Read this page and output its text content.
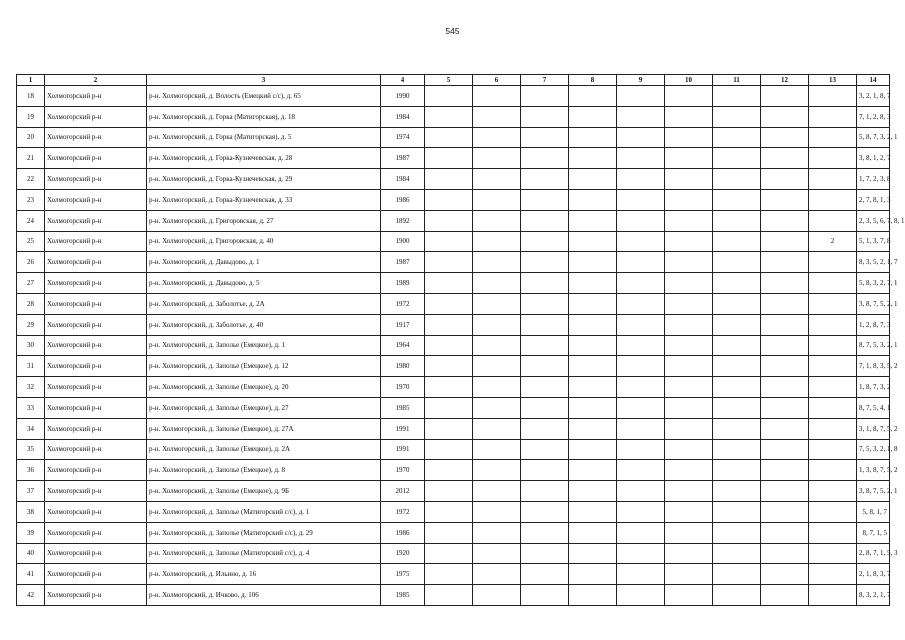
545
1	2	3	4	5	6	7	8	9	10	11	12	13	14
18	Холмогорский р-н	р-н. Холмогорский, д. Волость (Емецкий с/с), д. 65	1990										3, 2, 1, 8, 7
19	Холмогорский р-н	р-н. Холмогорский, д. Горка (Матигорская), д. 18	1984										7, 1, 2, 8, 3
20	Холмогорский р-н	р-н. Холмогорский, д. Горка (Матигорская), д. 5	1974										5, 8, 7, 3, 2, 1
21	Холмогорский р-н	р-н. Холмогорский, д. Горка-Кузнечевская, д. 28	1987										3, 8, 1, 2, 7
22	Холмогорский р-н	р-н. Холмогорский, д. Горка-Кузнечевская, д. 29	1984										1, 7, 2, 3, 8
23	Холмогорский р-н	р-н. Холмогорский, д. Горка-Кузнечевская, д. 33	1986										2, 7, 8, 1, 3
24	Холмогорский р-н	р-н. Холмогорский, д. Григоровская, д. 27	1892										2, 3, 5, 6, 7, 8, 1
25	Холмогорский р-н	р-н. Холмогорский, д. Григоровская, д. 40	1900									2	5, 1, 3, 7, 8
26	Холмогорский р-н	р-н. Холмогорский, д. Давыдово, д. 1	1987										8, 3, 5, 2, 1, 7
27	Холмогорский р-н	р-н. Холмогорский, д. Давыдово, д. 5	1989										5, 8, 3, 2, 7, 1
28	Холмогорский р-н	р-н. Холмогорский, д. Заболотье, д. 2А	1972										3, 8, 7, 5, 2, 1
29	Холмогорский р-н	р-н. Холмогорский, д. Заболотье, д. 40	1917										1, 2, 8, 7, 3
30	Холмогорский р-н	р-н. Холмогорский, д. Заполье (Емецкое), д. 1	1964										8, 7, 5, 3, 2, 1
31	Холмогорский р-н	р-н. Холмогорский, д. Заполье (Емецкое), д. 12	1980										7, 1, 8, 3, 5, 2
32	Холмогорский р-н	р-н. Холмогорский, д. Заполье (Емецкое), д. 20	1970										1, 8, 7, 3, 2
33	Холмогорский р-н	р-н. Холмогорский, д. Заполье (Емецкое), д. 27	1985										8, 7, 5, 4, 1
34	Холмогорский р-н	р-н. Холмогорский, д. Заполье (Емецкое), д. 27А	1991										3, 1, 8, 7, 5, 2
35	Холмогорский р-н	р-н. Холмогорский, д. Заполье (Емецкое), д. 2А	1991										7, 5, 3, 2, 1, 8
36	Холмогорский р-н	р-н. Холмогорский, д. Заполье (Емецкое), д. 8	1970										1, 3, 8, 7, 5, 2
37	Холмогорский р-н	р-н. Холмогорский, д. Заполье (Емецкое), д. 9Б	2012										3, 8, 7, 5, 2, 1
38	Холмогорский р-н	р-н. Холмогорский, д. Заполье (Матигорский с/с), д. 1	1972										5, 8, 1, 7
39	Холмогорский р-н	р-н. Холмогорский, д. Заполье (Матигорский с/с), д. 29	1986										8, 7, 1, 5
40	Холмогорский р-н	р-н. Холмогорский, д. Заполье (Матигорский с/с), д. 4	1920										2, 8, 7, 1, 5, 3
41	Холмогорский р-н	р-н. Холмогорский, д. Ильино, д. 16	1975										2, 1, 8, 3, 7
42	Холмогорский р-н	р-н. Холмогорский, д. Ичково, д. 106	1985										8, 3, 2, 1, 7
